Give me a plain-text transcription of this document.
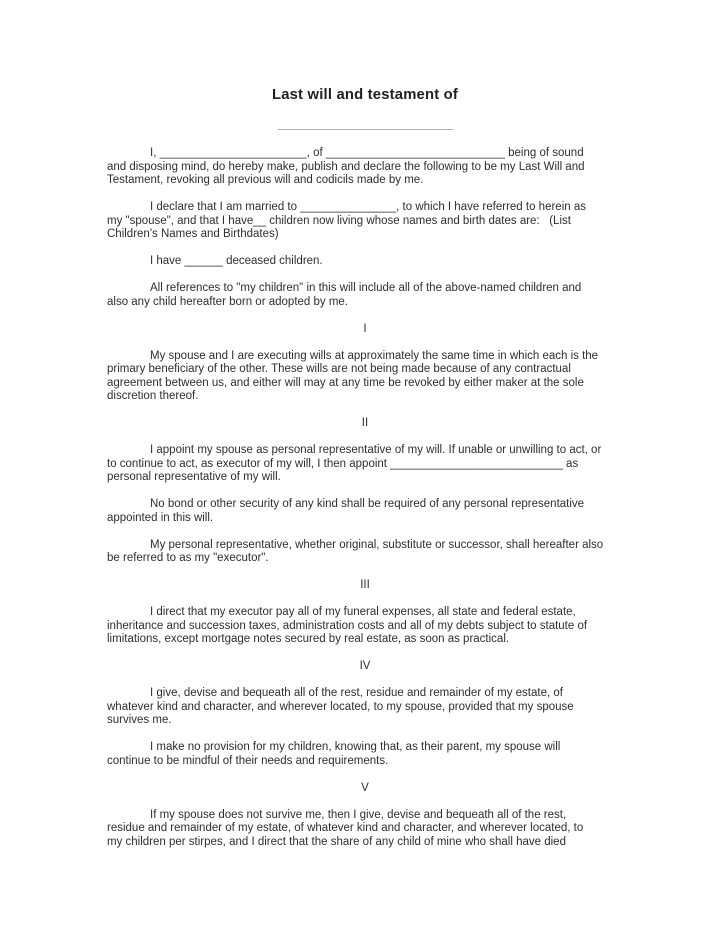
Last will and testament of
I, _______________________, of ____________________________ being of sound
and disposing mind, do hereby make, publish and declare the following to be my Last Will and
Testament, revoking all previous will and codicils made by me.
I declare that I am married to _______________, to which I have referred to herein as
my "spouse", and that I have__ children now living whose names and birth dates are:   (List
Children's Names and Birthdates)
I have ______ deceased children.
All references to "my children" in this will include all of the above-named children and
also any child hereafter born or adopted by me.
I
My spouse and I are executing wills at approximately the same time in which each is the
primary beneficiary of the other. These wills are not being made because of any contractual
agreement between us, and either will may at any time be revoked by either maker at the sole
discretion thereof.
II
I appoint my spouse as personal representative of my will. If unable or unwilling to act, or
to continue to act, as executor of my will, I then appoint ___________________________ as
personal representative of my will.
No bond or other security of any kind shall be required of any personal representative
appointed in this will.
My personal representative, whether original, substitute or successor, shall hereafter also
be referred to as my "executor".
III
I direct that my executor pay all of my funeral expenses, all state and federal estate,
inheritance and succession taxes, administration costs and all of my debts subject to statute of
limitations, except mortgage notes secured by real estate, as soon as practical.
IV
I give, devise and bequeath all of the rest, residue and remainder of my estate, of
whatever kind and character, and wherever located, to my spouse, provided that my spouse
survives me.
I make no provision for my children, knowing that, as their parent, my spouse will
continue to be mindful of their needs and requirements.
V
If my spouse does not survive me, then I give, devise and bequeath all of the rest,
residue and remainder of my estate, of whatever kind and character, and wherever located, to
my children per stirpes, and I direct that the share of any child of mine who shall have died
